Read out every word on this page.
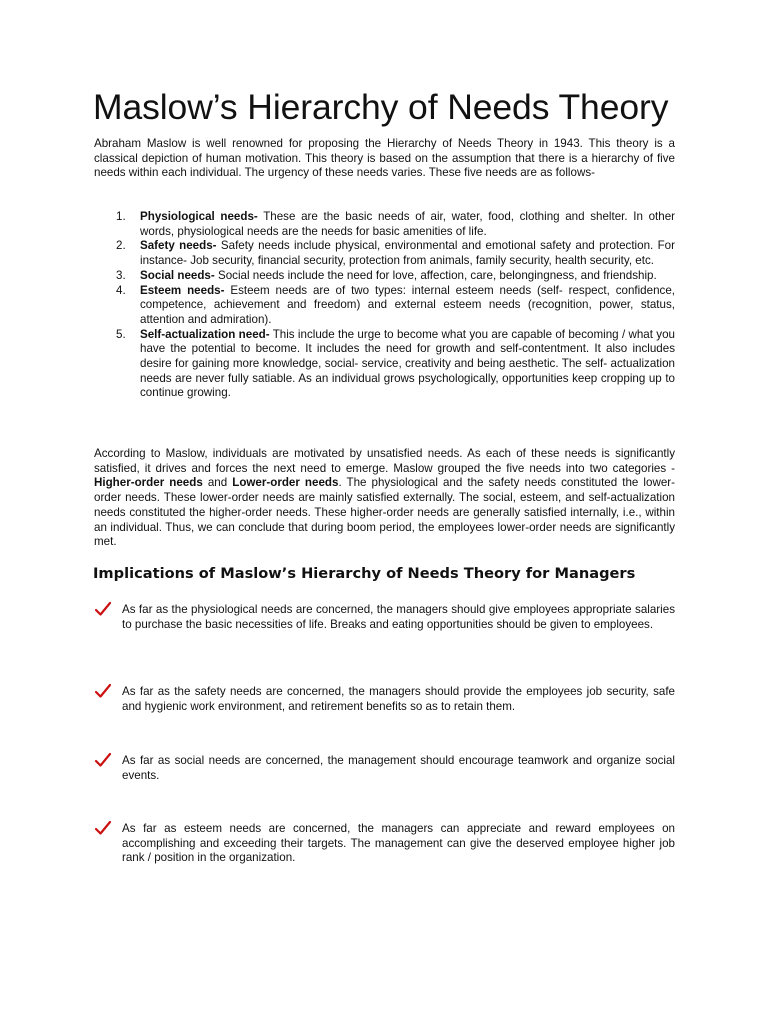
Maslow’s Hierarchy of Needs Theory

Abraham Maslow is well renowned for proposing the Hierarchy of Needs Theory in 1943. This theory is a classical depiction of human motivation. This theory is based on the assumption that there is a hierarchy of five needs within each individual. The urgency of these needs varies. These five needs are as follows-

1. Physiological needs- These are the basic needs of air, water, food, clothing and shelter. In other words, physiological needs are the needs for basic amenities of life.
2. Safety needs- Safety needs include physical, environmental and emotional safety and protection. For instance- Job security, financial security, protection from animals, family security, health security, etc.
3. Social needs- Social needs include the need for love, affection, care, belongingness, and friendship.
4. Esteem needs- Esteem needs are of two types: internal esteem needs (self- respect, confidence, competence, achievement and freedom) and external esteem needs (recognition, power, status, attention and admiration).
5. Self-actualization need- This include the urge to become what you are capable of becoming / what you have the potential to become. It includes the need for growth and self-contentment. It also includes desire for gaining more knowledge, social- service, creativity and being aesthetic. The self- actualization needs are never fully satiable. As an individual grows psychologically, opportunities keep cropping up to continue growing.

According to Maslow, individuals are motivated by unsatisfied needs. As each of these needs is significantly satisfied, it drives and forces the next need to emerge. Maslow grouped the five needs into two categories - Higher-order needs and Lower-order needs. The physiological and the safety needs constituted the lower-order needs. These lower-order needs are mainly satisfied externally. The social, esteem, and self-actualization needs constituted the higher-order needs. These higher-order needs are generally satisfied internally, i.e., within an individual. Thus, we can conclude that during boom period, the employees lower-order needs are significantly met.

Implications of Maslow’s Hierarchy of Needs Theory for Managers
As far as the physiological needs are concerned, the managers should give employees appropriate salaries to purchase the basic necessities of life. Breaks and eating opportunities should be given to employees.
As far as the safety needs are concerned, the managers should provide the employees job security, safe and hygienic work environment, and retirement benefits so as to retain them.
As far as social needs are concerned, the management should encourage teamwork and organize social events.
As far as esteem needs are concerned, the managers can appreciate and reward employees on accomplishing and exceeding their targets. The management can give the deserved employee higher job rank / position in the organization.
